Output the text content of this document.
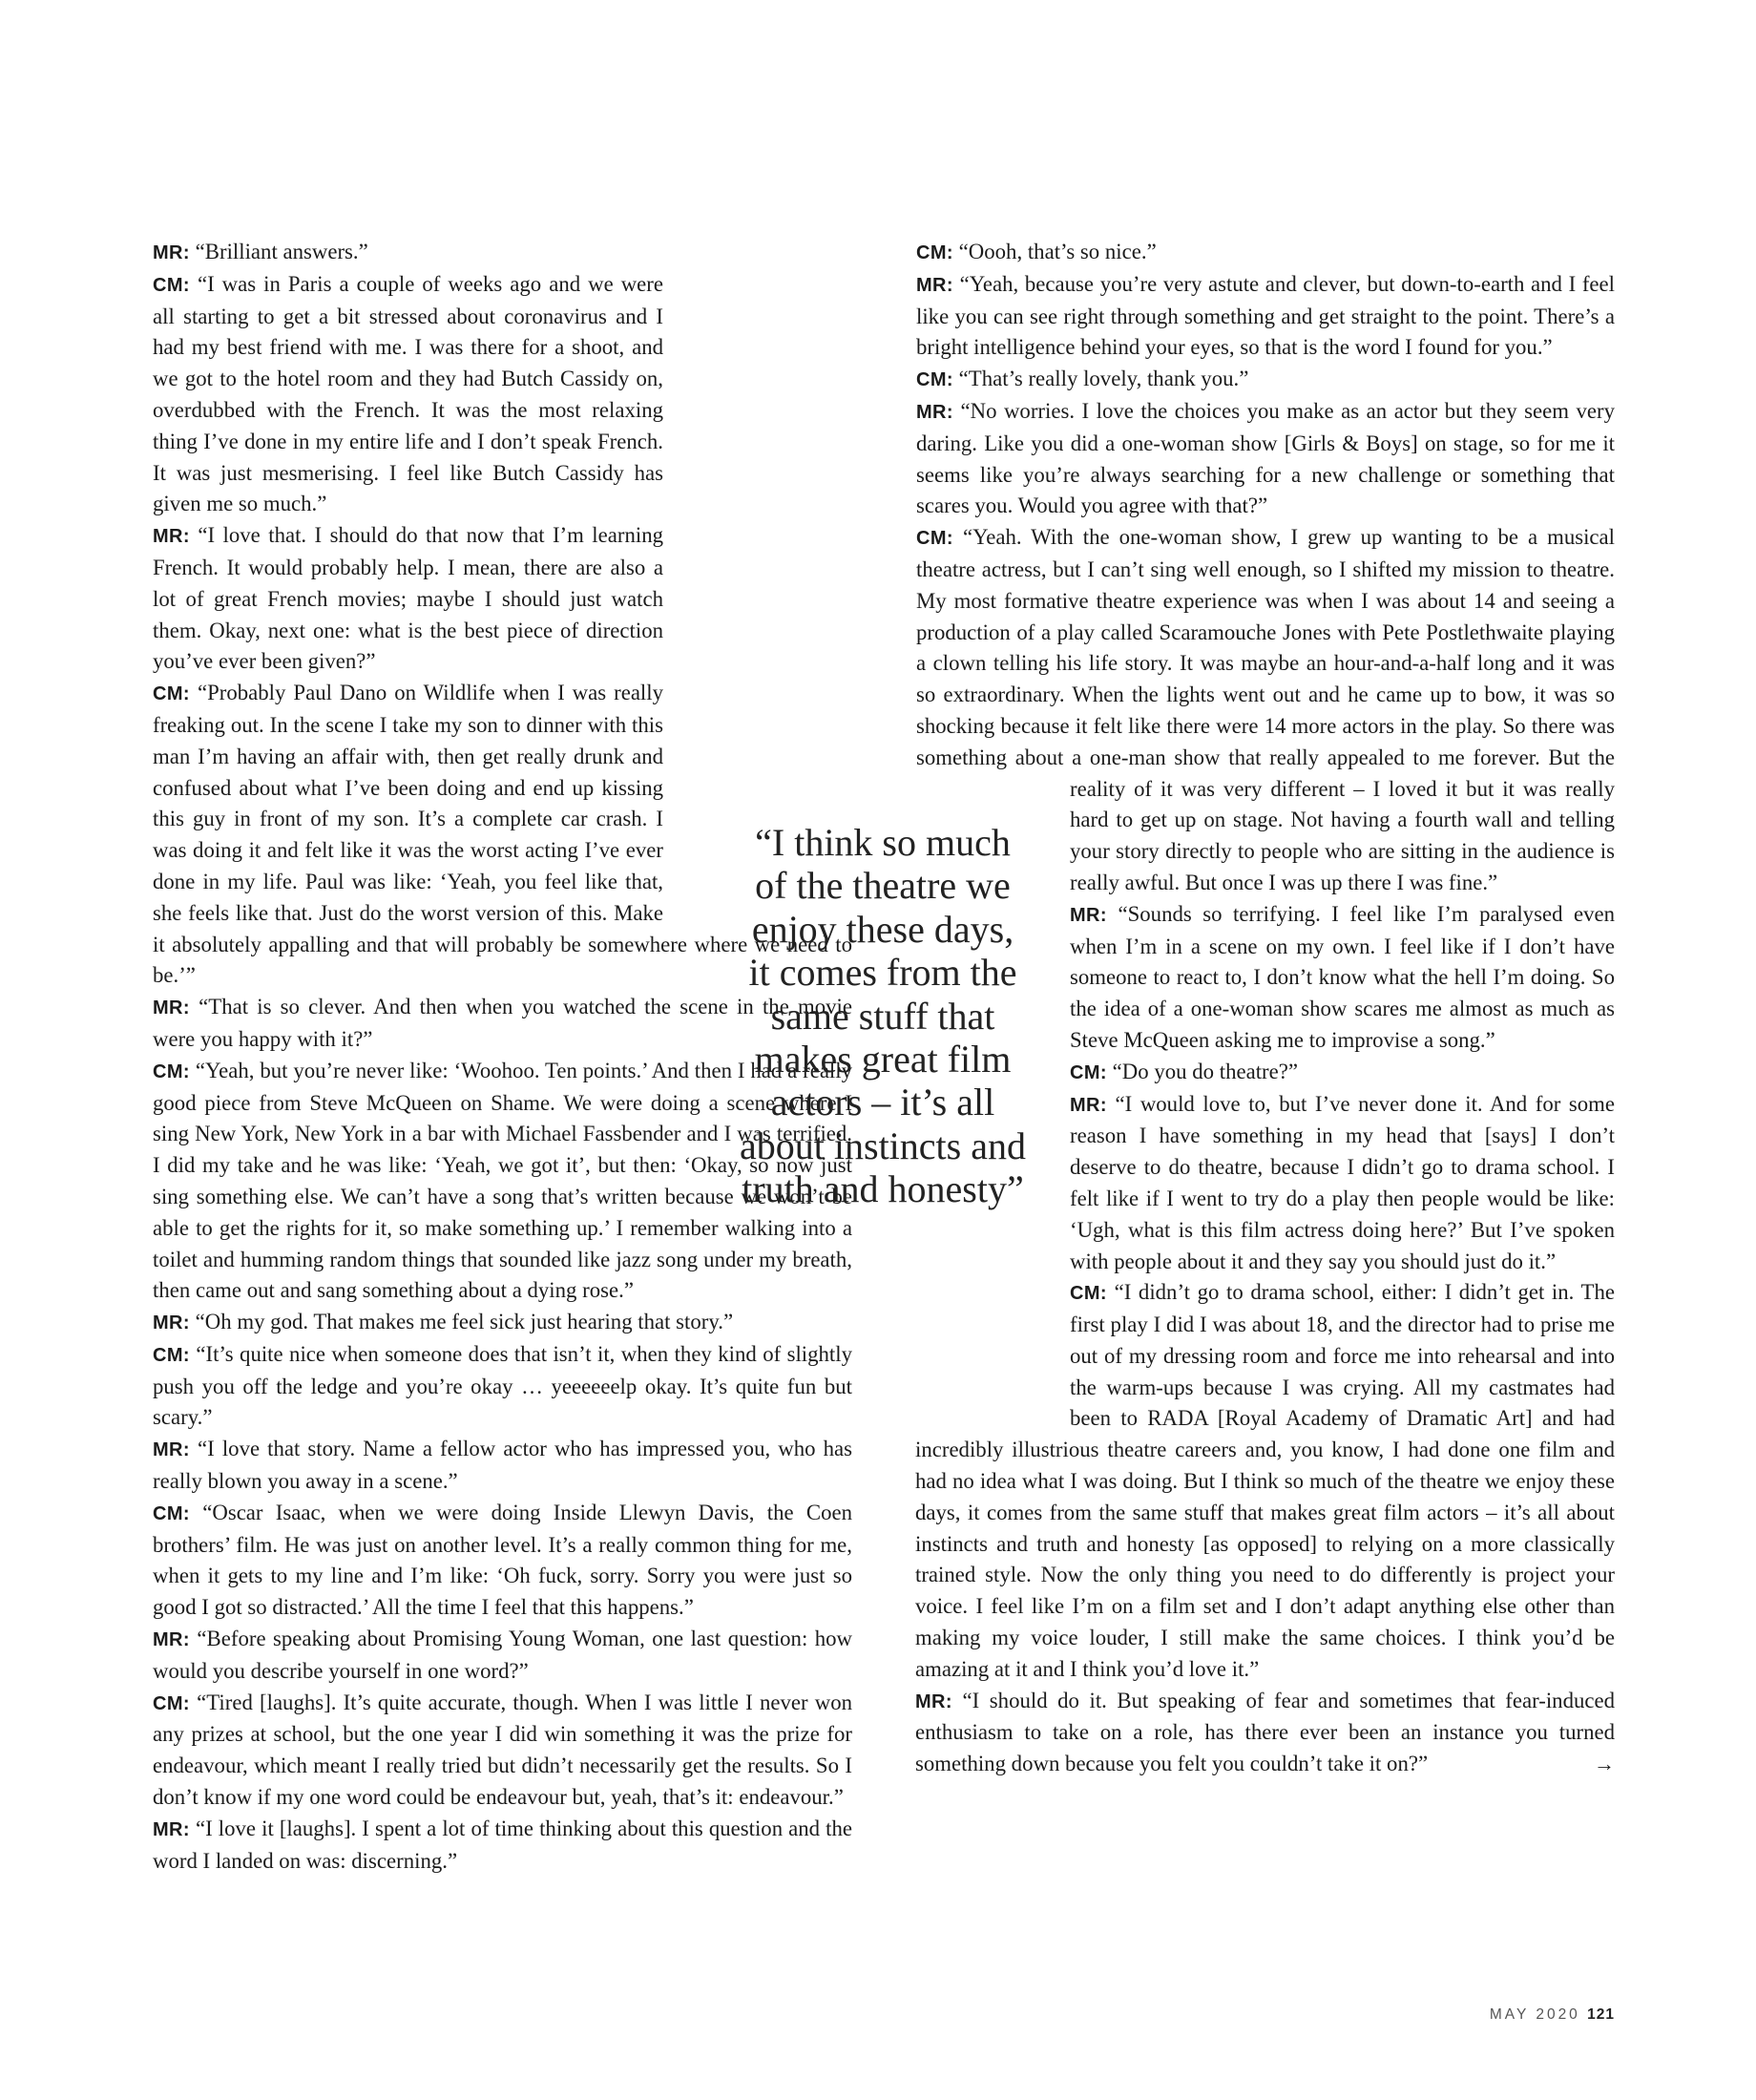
MR: “Brilliant answers.”

CM: “I was in Paris a couple of weeks ago and we were all starting to get a bit stressed about coronavirus and I had my best friend with me. I was there for a shoot, and we got to the hotel room and they had Butch Cassidy on, overdubbed with the French. It was the most relaxing thing I’ve done in my entire life and I don’t speak French. It was just mesmerising. I feel like Butch Cassidy has given me so much.”

MR: “I love that. I should do that now that I’m learning French. It would probably help. I mean, there are also a lot of great French movies; maybe I should just watch them. Okay, next one: what is the best piece of direction you’ve ever been given?”

CM: “Probably Paul Dano on Wildlife when I was really freaking out. In the scene I take my son to dinner with this man I’m having an affair with, then get really drunk and confused about what I’ve been doing and end up kissing this guy in front of my son. It’s a complete car crash. I was doing it and felt like it was the worst acting I’ve ever done in my life. Paul was like: ‘Yeah, you feel like that, she feels like that. Just do the worst version of this. Make it absolutely appalling and that will probably be somewhere where we need to be.’”

MR: “That is so clever. And then when you watched the scene in the movie were you happy with it?”

CM: “Yeah, but you’re never like: ‘Woohoo. Ten points.’ And then I had a really good piece from Steve McQueen on Shame. We were doing a scene where I sing New York, New York in a bar with Michael Fassbender and I was terrified. I did my take and he was like: ‘Yeah, we got it’, but then: ‘Okay, so now just sing something else. We can’t have a song that’s written because we won’t be able to get the rights for it, so make something up.’ I remember walking into a toilet and humming random things that sounded like jazz song under my breath, then came out and sang something about a dying rose.”

MR: “Oh my god. That makes me feel sick just hearing that story.”

CM: “It’s quite nice when someone does that isn’t it, when they kind of slightly push you off the ledge and you’re okay … yeeeeeelp okay. It’s quite fun but scary.”

MR: “I love that story. Name a fellow actor who has impressed you, who has really blown you away in a scene.”

CM: “Oscar Isaac, when we were doing Inside Llewyn Davis, the Coen brothers’ film. He was just on another level. It’s a really common thing for me, when it gets to my line and I’m like: ‘Oh fuck, sorry. Sorry you were just so good I got so distracted.’ All the time I feel that this happens.”

MR: “Before speaking about Promising Young Woman, one last question: how would you describe yourself in one word?”

CM: “Tired [laughs]. It’s quite accurate, though. When I was little I never won any prizes at school, but the one year I did win something it was the prize for endeavour, which meant I really tried but didn’t necessarily get the results. So I don’t know if my one word could be endeavour but, yeah, that’s it: endeavour.”

MR: “I love it [laughs]. I spent a lot of time thinking about this question and the word I landed on was: discerning.”

CM: “Oooh, that’s so nice.”

MR: “Yeah, because you’re very astute and clever, but down-to-earth and I feel like you can see right through something and get straight to the point. There’s a bright intelligence behind your eyes, so that is the word I found for you.”

CM: “That’s really lovely, thank you.”

MR: “No worries. I love the choices you make as an actor but they seem very daring. Like you did a one-woman show [Girls & Boys] on stage, so for me it seems like you’re always searching for a new challenge or something that scares you. Would you agree with that?”

CM: “Yeah. With the one-woman show, I grew up wanting to be a musical theatre actress, but I can’t sing well enough, so I shifted my mission to theatre. My most formative theatre experience was when I was about 14 and seeing a production of a play called Scaramouche Jones with Pete Postlethwaite playing a clown telling his life story. It was maybe an hour-and-a-half long and it was so extraordinary. When the lights went out and he came up to bow, it was so shocking because it felt like there were 14 more actors in the play. So there was something about a one-man show that really appealed to me forever. But the reality of it was very different – I loved it but it was really hard to get up on stage. Not having a fourth wall and telling your story directly to people who are sitting in the audience is really awful. But once I was up there I was fine.”

MR: “Sounds so terrifying. I feel like I’m paralysed even when I’m in a scene on my own. I feel like if I don’t have someone to react to, I don’t know what the hell I’m doing. So the idea of a one-woman show scares me almost as much as Steve McQueen asking me to improvise a song.”

CM: “Do you do theatre?”

MR: “I would love to, but I’ve never done it. And for some reason I have something in my head that [says] I don’t deserve to do theatre, because I didn’t go to drama school. I felt like if I went to try do a play then people would be like: ‘Ugh, what is this film actress doing here?’ But I’ve spoken with people about it and they say you should just do it.”

CM: “I didn’t go to drama school, either: I didn’t get in. The first play I did I was about 18, and the director had to prise me out of my dressing room and force me into rehearsal and into the warm-ups because I was crying. All my castmates had been to RADA [Royal Academy of Dramatic Art] and had incredibly illustrious theatre careers and, you know, I had done one film and had no idea what I was doing. But I think so much of the theatre we enjoy these days, it comes from the same stuff that makes great film actors – it’s all about instincts and truth and honesty [as opposed] to relying on a more classically trained style. Now the only thing you need to do differently is project your voice. I feel like I’m on a film set and I don’t adapt anything else other than making my voice louder, I still make the same choices. I think you’d be amazing at it and I think you’d love it.”

MR: “I should do it. But speaking of fear and sometimes that fear-induced enthusiasm to take on a role, has there ever been an instance you turned something down because you felt you couldn’t take it on?”	→
“I think so much of the theatre we enjoy these days, it comes from the same stuff that makes great film actors – it’s all about instincts and truth and honesty”
MAY 2020 121
